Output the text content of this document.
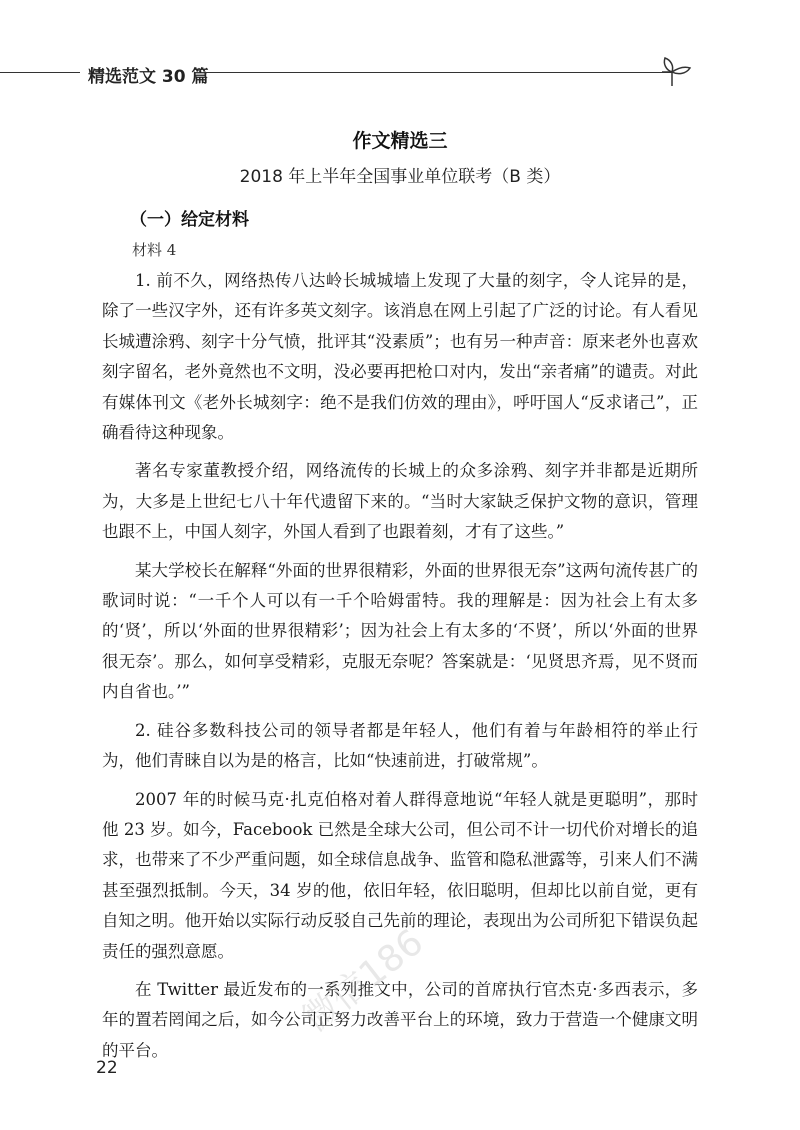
精选范文 30 篇
作文精选三
2018 年上半年全国事业单位联考（B 类）
（一）给定材料
材料 4

1. 前不久，网络热传八达岭长城城墙上发现了大量的刻字，令人诧异的是，除了一些汉字外，还有许多英文刻字。该消息在网上引起了广泛的讨论。有人看见长城遭涂鸦、刻字十分气愤，批评其“没素质”；也有另一种声音：原来老外也喜欢刻字留名，老外竟然也不文明，没必要再把枪口对内，发出“亲者痛”的谴责。对此有媒体刊文《老外长城刻字：绝不是我们仿效的理由》，呼吁国人“反求诸己”，正确看待这种现象。

著名专家董教授介绍，网络流传的长城上的众多涂鸦、刻字并非都是近期所为，大多是上世纪七八十年代遗留下来的。“当时大家缺乏保护文物的意识，管理也跟不上，中国人刻字，外国人看到了也跟着刻，才有了这些。”

某大学校长在解释“外面的世界很精彩，外面的世界很无奈”这两句流传甚广的歌词时说：“一千个人可以有一千个哈姆雷特。我的理解是：因为社会上有太多的‘贤’，所以‘外面的世界很精彩’；因为社会上有太多的‘不贤’，所以‘外面的世界很无奈’。那么，如何享受精彩，克服无奈呢？答案就是：‘见贤思齐焉，见不贤而内自省也。’”

2. 硅谷多数科技公司的领导者都是年轻人，他们有着与年龄相符的举止行为，他们青睐自以为是的格言，比如“快速前进，打破常规”。

2007 年的时候马克·扎克伯格对着人群得意地说“年轻人就是更聪明”，那时他 23 岁。如今，Facebook 已然是全球大公司，但公司不计一切代价对增长的追求，也带来了不少严重问题，如全球信息战争、监管和隐私泄露等，引来人们不满甚至强烈抵制。今天，34 岁的他，依旧年轻，依旧聪明，但却比以前自觉，更有自知之明。他开始以实际行动反驳自己先前的理论，表现出为公司所犯下错误负起责任的强烈意愿。

在 Twitter 最近发布的一系列推文中，公司的首席执行官杰克·多西表示，多年的置若罔闻之后，如今公司正努力改善平台上的环境，致力于营造一个健康文明的平台。

22
微信186
